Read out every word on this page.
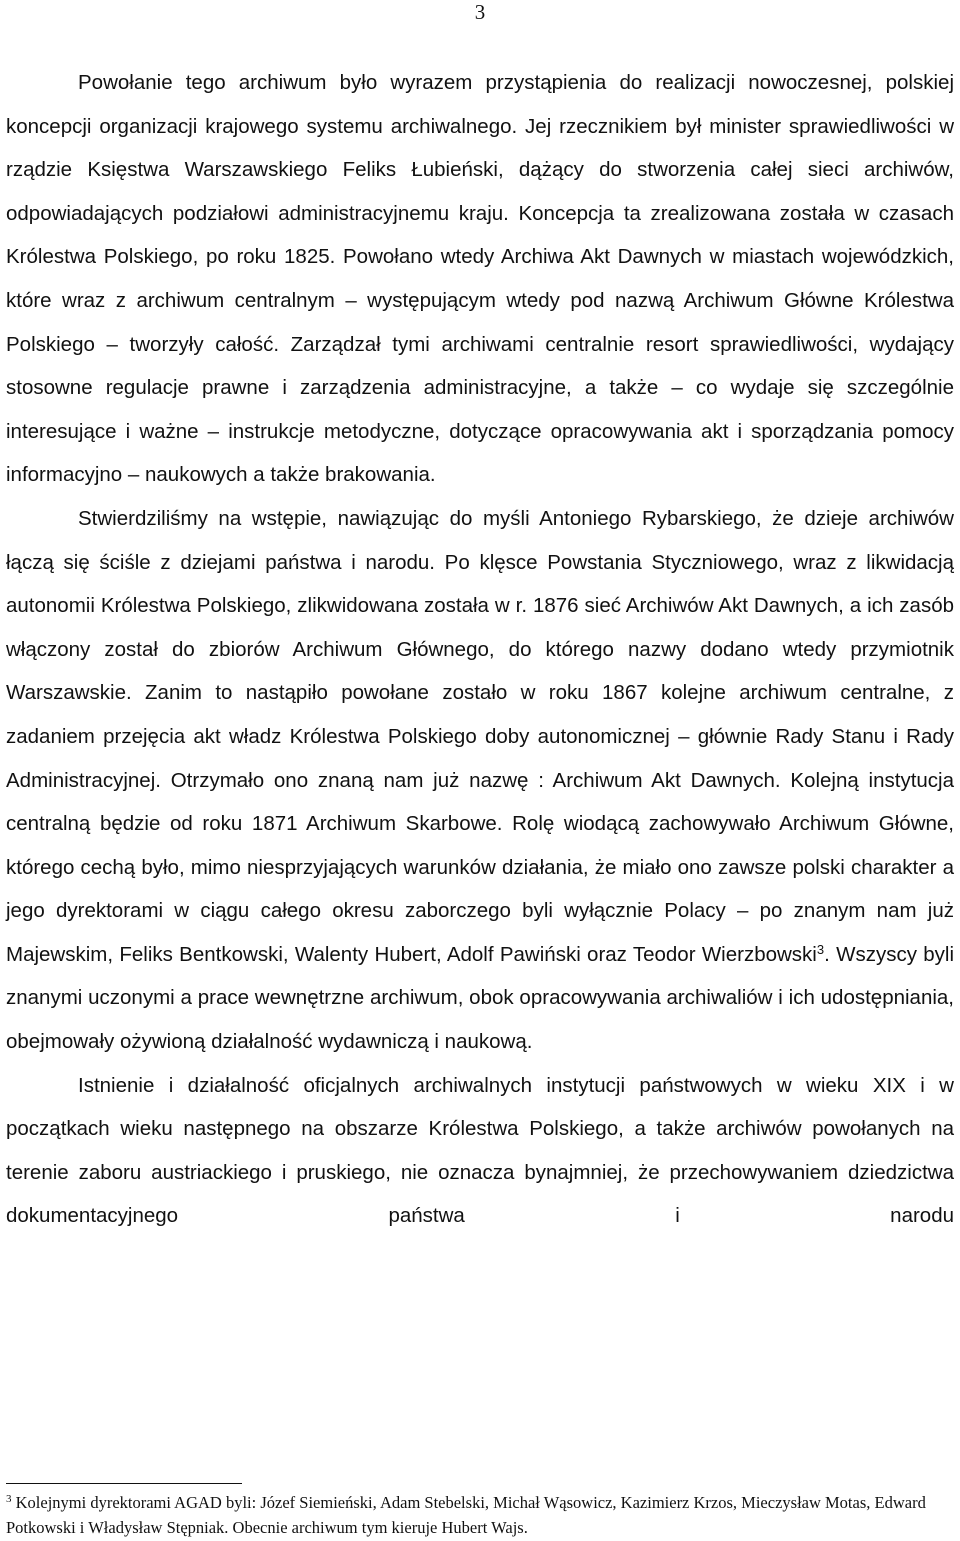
3

Powołanie tego archiwum było wyrazem przystąpienia do realizacji nowoczesnej, polskiej koncepcji organizacji krajowego systemu archiwalnego. Jej rzecznikiem był minister sprawiedliwości w rządzie Księstwa Warszawskiego Feliks Łubieński, dążący do stworzenia całej sieci archiwów, odpowiadających podziałowi administracyjnemu kraju. Koncepcja ta zrealizowana została w czasach Królestwa Polskiego, po roku 1825. Powołano wtedy Archiwa Akt Dawnych w miastach wojewódzkich, które wraz z archiwum centralnym – występującym wtedy pod nazwą Archiwum Główne Królestwa Polskiego – tworzyły całość. Zarządzał tymi archiwami centralnie resort sprawiedliwości, wydający stosowne regulacje prawne i zarządzenia administracyjne, a także – co wydaje się szczególnie interesujące i ważne – instrukcje metodyczne, dotyczące opracowywania akt i sporządzania pomocy informacyjno – naukowych a także brakowania.

Stwierdziliśmy na wstępie, nawiązując do myśli Antoniego Rybarskiego, że dzieje archiwów łączą się ściśle z dziejami państwa i narodu. Po klęsce Powstania Styczniowego, wraz z likwidacją autonomii Królestwa Polskiego, zlikwidowana została w r. 1876 sieć Archiwów Akt Dawnych, a ich zasób włączony został do zbiorów Archiwum Głównego, do którego nazwy dodano wtedy przymiotnik Warszawskie. Zanim to nastąpiło powołane zostało w roku 1867 kolejne archiwum centralne, z zadaniem przejęcia akt władz Królestwa Polskiego doby autonomicznej – głównie Rady Stanu i Rady Administracyjnej. Otrzymało ono znaną nam już nazwę : Archiwum Akt Dawnych. Kolejną instytucja centralną będzie od roku 1871 Archiwum Skarbowe. Rolę wiodącą zachowywało Archiwum Główne, którego cechą było, mimo niesprzyjających warunków działania, że miało ono zawsze polski charakter a jego dyrektorami w ciągu całego okresu zaborczego byli wyłącznie Polacy – po znanym nam już Majewskim, Feliks Bentkowski, Walenty Hubert, Adolf Pawiński oraz Teodor Wierzbowski$^3$. Wszyscy byli znanymi uczonymi a prace wewnętrzne archiwum, obok opracowywania archiwaliów i ich udostępniania, obejmowały ożywioną działalność wydawniczą i naukową.

Istnienie i działalność oficjalnych archiwalnych instytucji państwowych w wieku XIX i w początkach wieku następnego na obszarze Królestwa Polskiego, a także archiwów powołanych na terenie zaboru austriackiego i pruskiego, nie oznacza bynajmniej, że przechowywaniem dziedzictwa dokumentacyjnego państwa i narodu

$^3$ Kolejnymi dyrektorami AGAD byli: Józef Siemieński, Adam Stebelski, Michał Wąsowicz, Kazimierz Krzos, Mieczysław Motas, Edward Potkowski i Władysław Stępniak. Obecnie archiwum tym kieruje Hubert Wajs.
